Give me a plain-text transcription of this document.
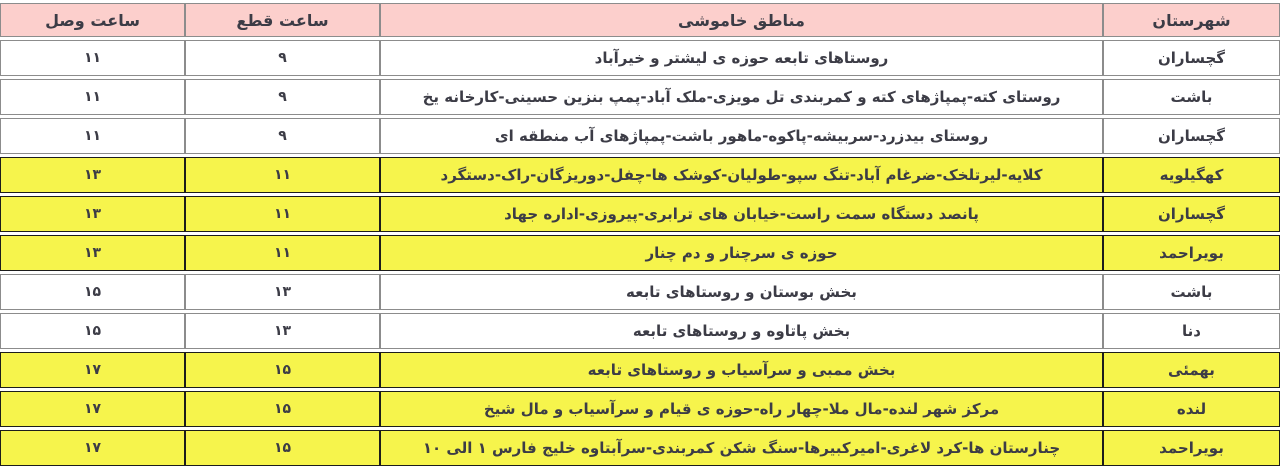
شهرستان	مناطق خاموشی	ساعت قطع	ساعت وصل
گچساران	روستاهای تابعه حوزه ی لیشتر و خیرآباد	۹	۱۱
باشت	روستای کته-پمپاژهای کته و کمربندی تل مویزی-ملک آباد-پمپ بنزین حسینی-کارخانه یخ	۹	۱۱
گچساران	روستای بیدزرد-سربیشه-پاکوه-ماهور باشت-پمپاژهای آب منطقه ای	۹	۱۱
کهگیلویه	کلایه-لیرتلخک-ضرغام آباد-تنگ سپو-طولیان-کوشک ها-چفل-دوریزگان-راک-دستگرد	۱۱	۱۳
گچساران	پانصد دستگاه سمت راست-خیابان های ترابری-پیروزی-اداره جهاد	۱۱	۱۳
بویراحمد	حوزه ی سرچنار و دم چنار	۱۱	۱۳
باشت	بخش بوستان و روستاهای تابعه	۱۳	۱۵
دنا	بخش پاتاوه و روستاهای تابعه	۱۳	۱۵
بهمئی	بخش ممبی و سرآسیاب و روستاهای تابعه	۱۵	۱۷
لنده	مرکز شهر لنده-مال ملا-چهار راه-حوزه ی قیام و سرآسیاب و مال شیخ	۱۵	۱۷
بویراحمد	چنارستان ها-کرد لاغری-امیرکبیرها-سنگ شکن کمربندی-سرآبتاوه خلیج فارس ۱ الی ۱۰	۱۵	۱۷
